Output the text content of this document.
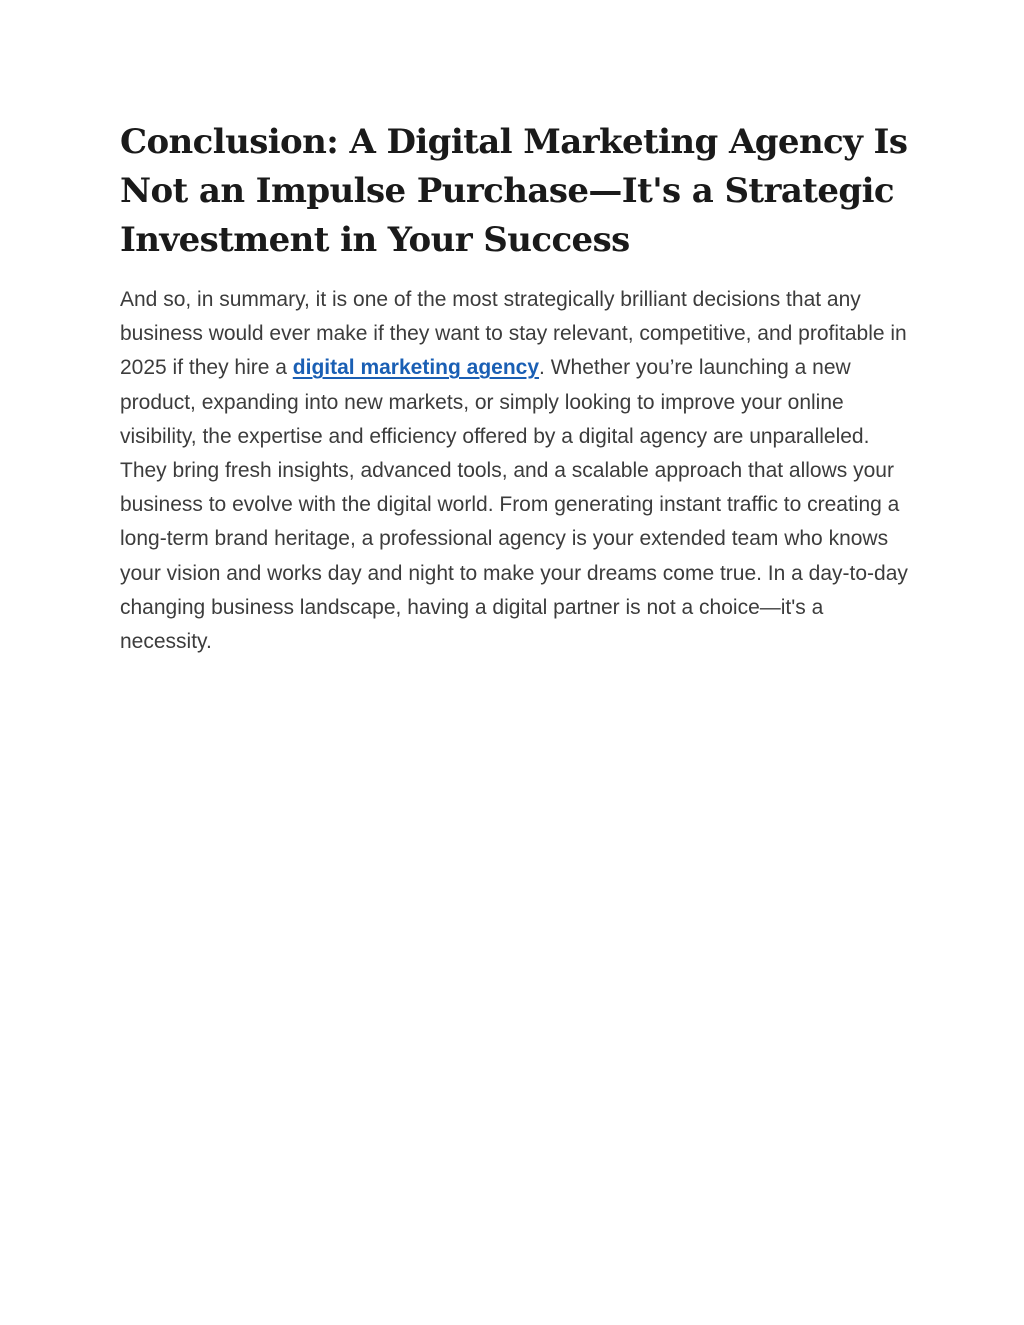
Conclusion: A Digital Marketing Agency Is Not an Impulse Purchase—It's a Strategic Investment in Your Success

And so, in summary, it is one of the most strategically brilliant decisions that any business would ever make if they want to stay relevant, competitive, and profitable in 2025 if they hire a digital marketing agency. Whether you’re launching a new product, expanding into new markets, or simply looking to improve your online visibility, the expertise and efficiency offered by a digital agency are unparalleled. They bring fresh insights, advanced tools, and a scalable approach that allows your business to evolve with the digital world. From generating instant traffic to creating a long-term brand heritage, a professional agency is your extended team who knows your vision and works day and night to make your dreams come true. In a day-to-day changing business landscape, having a digital partner is not a choice—it's a necessity.
